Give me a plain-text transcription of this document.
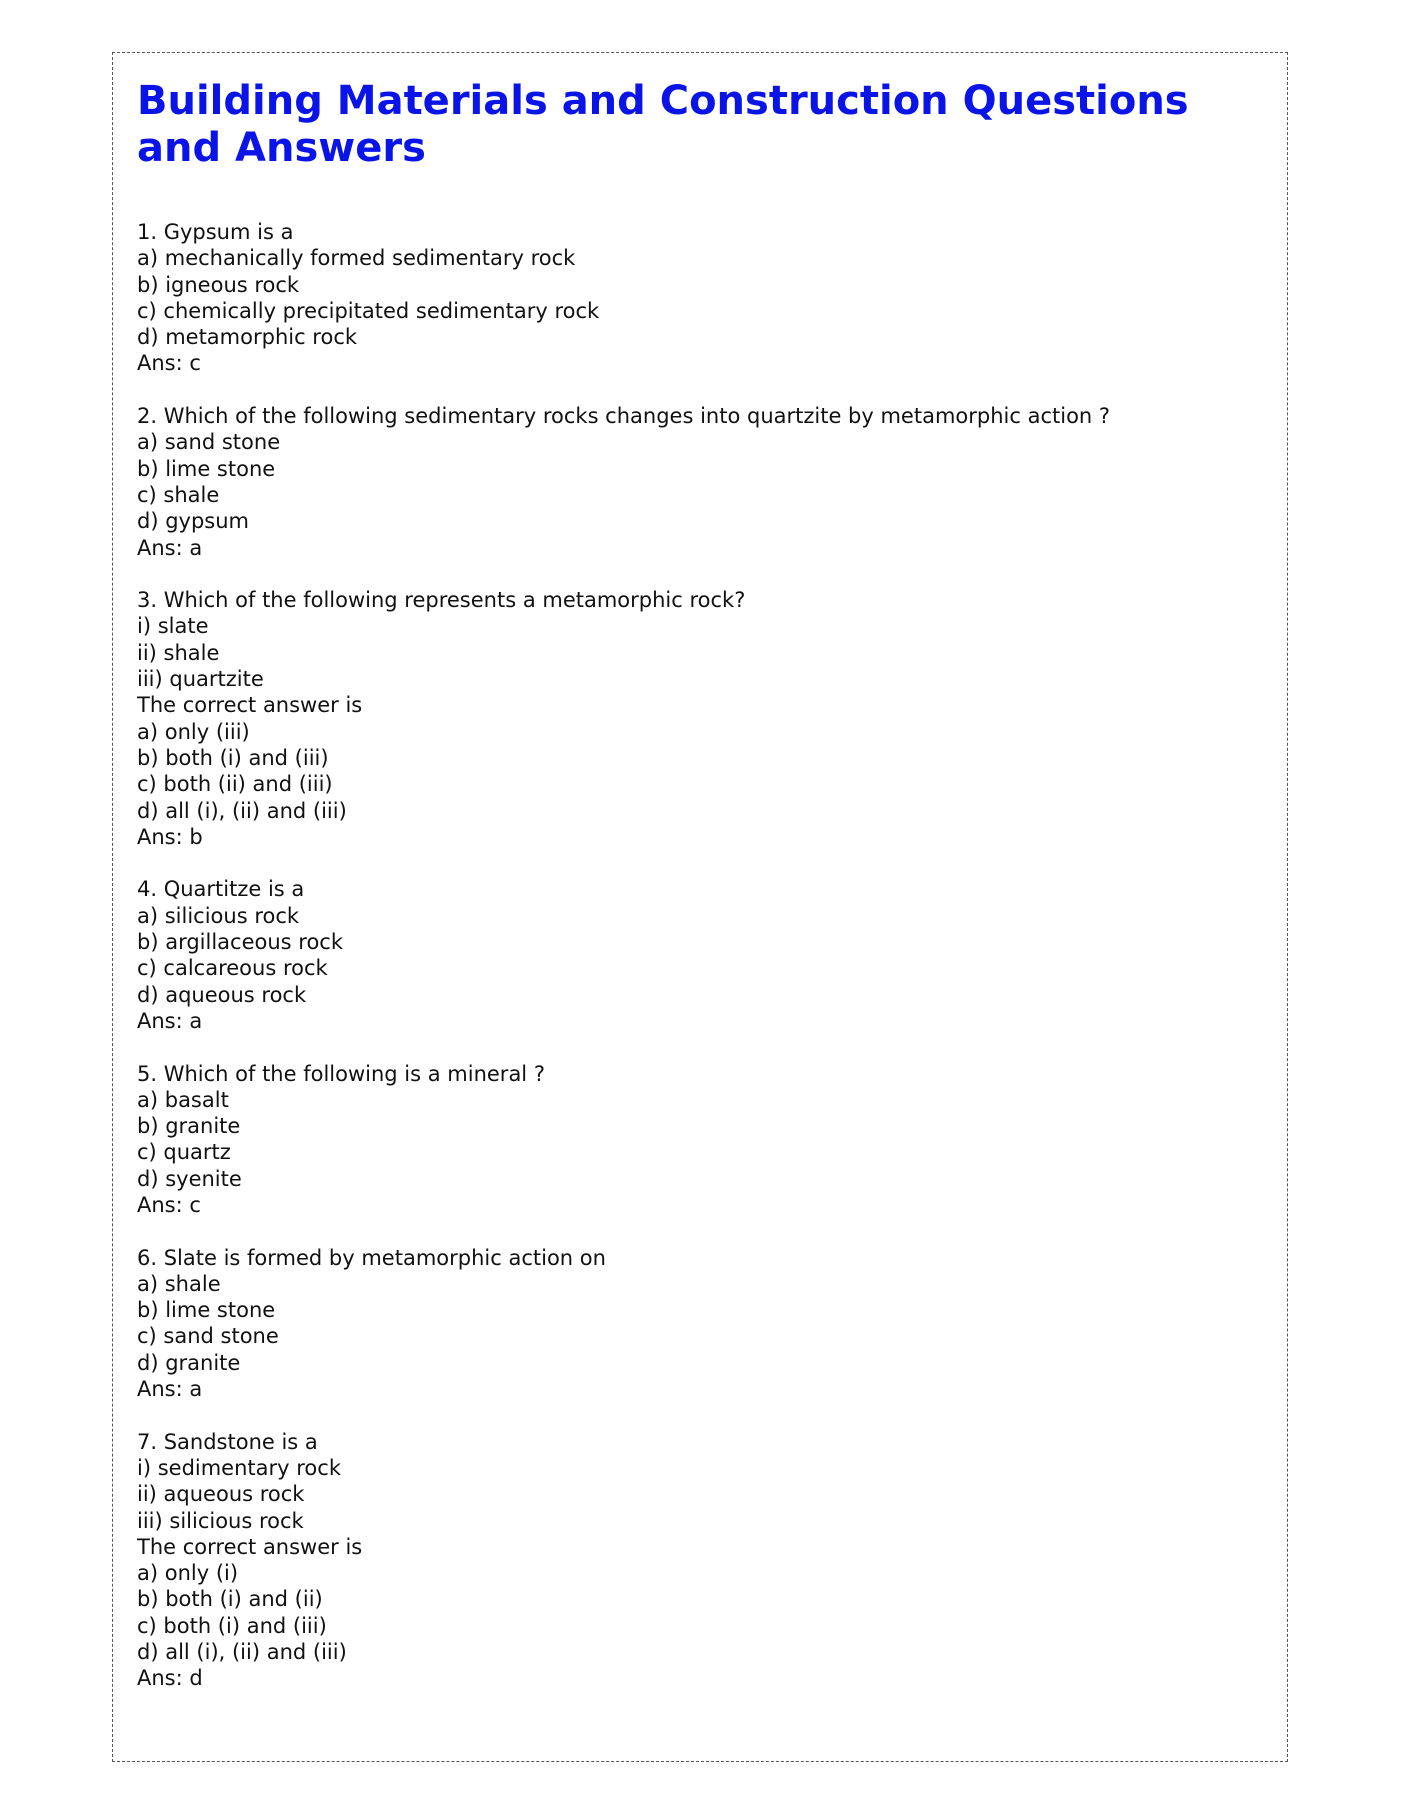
Building Materials and Construction Questions and Answers
1. Gypsum is a
a) mechanically formed sedimentary rock
b) igneous rock
c) chemically precipitated sedimentary rock
d) metamorphic rock
Ans: c
2. Which of the following sedimentary rocks changes into quartzite by metamorphic action ?
a) sand stone
b) lime stone
c) shale
d) gypsum
Ans: a
3. Which of the following represents a metamorphic rock?
i) slate
ii) shale
iii) quartzite
The correct answer is
a) only (iii)
b) both (i) and (iii)
c) both (ii) and (iii)
d) all (i), (ii) and (iii)
Ans: b
4. Quartitze is a
a) silicious rock
b) argillaceous rock
c) calcareous rock
d) aqueous rock
Ans: a
5. Which of the following is a mineral ?
a) basalt
b) granite
c) quartz
d) syenite
Ans: c
6. Slate is formed by metamorphic action on
a) shale
b) lime stone
c) sand stone
d) granite
Ans: a
7. Sandstone is a
i) sedimentary rock
ii) aqueous rock
iii) silicious rock
The correct answer is
a) only (i)
b) both (i) and (ii)
c) both (i) and (iii)
d) all (i), (ii) and (iii)
Ans: d
